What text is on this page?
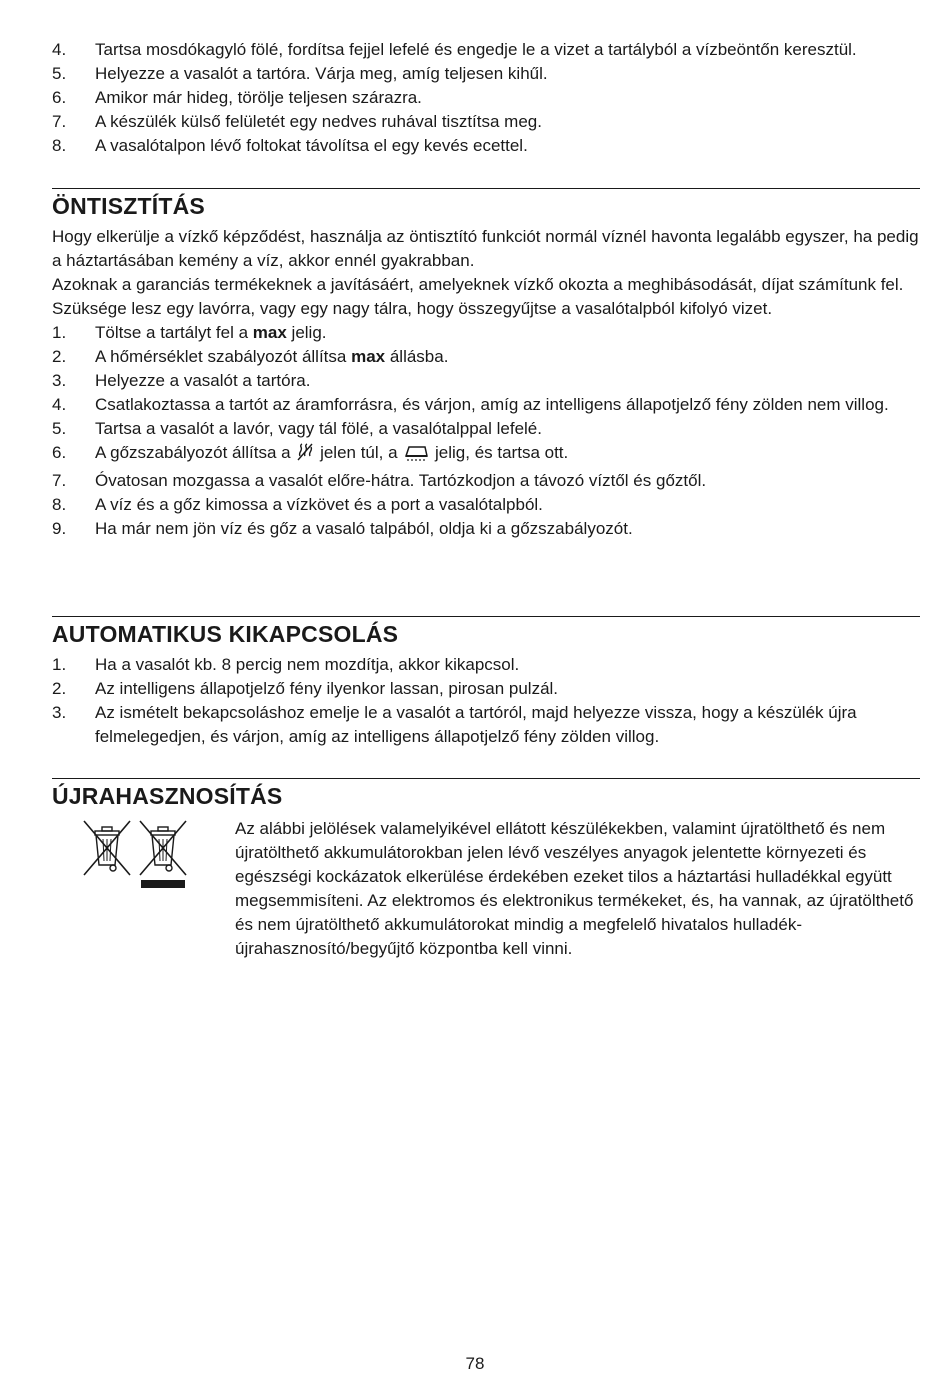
4.	Tartsa mosdókagyló fölé, fordítsa fejjel lefelé és engedje le a vizet a tartályból a vízbeöntőn keresztül.
5.	Helyezze a vasalót a tartóra. Várja meg, amíg teljesen kihűl.
6.	Amikor már hideg, törölje teljesen szárazra.
7.	A készülék külső felületét egy nedves ruhával tisztítsa meg.
8.	A vasalótalpon lévő foltokat távolítsa el egy kevés ecettel.
ÖNTISZTÍTÁS

Hogy elkerülje a vízkő képződést, használja az öntisztító funkciót normál víznél havonta legalább egyszer, ha pedig a háztartásában kemény a víz, akkor ennél gyakrabban.

Azoknak a garanciás termékeknek a javításáért, amelyeknek vízkő okozta a meghibásodását, díjat számítunk fel.

Szüksége lesz egy lavórra, vagy egy nagy tálra, hogy összegyűjtse a vasalótalpból kifolyó vizet.

1.	Töltse a tartályt fel a max jelig.
2.	A hőmérséklet szabályozót állítsa max állásba.
3.	Helyezze a vasalót a tartóra.
4.	Csatlakoztassa a tartót az áramforrásra, és várjon, amíg az intelligens állapotjelző fény zölden nem villog.
5.	Tartsa a vasalót a lavór, vagy tál fölé, a vasalótalppal lefelé.
6.	A gőzszabályozót állítsa a  jelen túl, a  jelig, és tartsa ott.
7.	Óvatosan mozgassa a vasalót előre-hátra. Tartózkodjon a távozó víztől és gőztől.
8.	A víz és a gőz kimossa a vízkövet és a port a vasalótalpból.
9.	Ha már nem jön víz és gőz a vasaló talpából, oldja ki a gőzszabályozót.
AUTOMATIKUS KIKAPCSOLÁS
1.	Ha a vasalót kb. 8 percig nem mozdítja, akkor kikapcsol.
2.	Az intelligens állapotjelző fény ilyenkor lassan, pirosan pulzál.
3.	Az ismételt bekapcsoláshoz emelje le a vasalót a tartóról, majd helyezze vissza, hogy a készülék újra felmelegedjen, és várjon, amíg az intelligens állapotjelző fény zölden villog.
ÚJRAHASZNOSÍTÁS
Az alábbi jelölések valamelyikével ellátott készülékekben, valamint újratölthető és nem újratölthető akkumulátorokban jelen lévő veszélyes anyagok jelentette környezeti és egészségi kockázatok elkerülése érdekében ezeket tilos a háztartási hulladékkal együtt megsemmisíteni. Az elektromos és elektronikus termékeket, és, ha vannak, az újratölthető és nem újratölthető akkumulátorokat mindig a megfelelő hivatalos hulladék-újrahasznosító/begyűjtő központba kell vinni.
78
